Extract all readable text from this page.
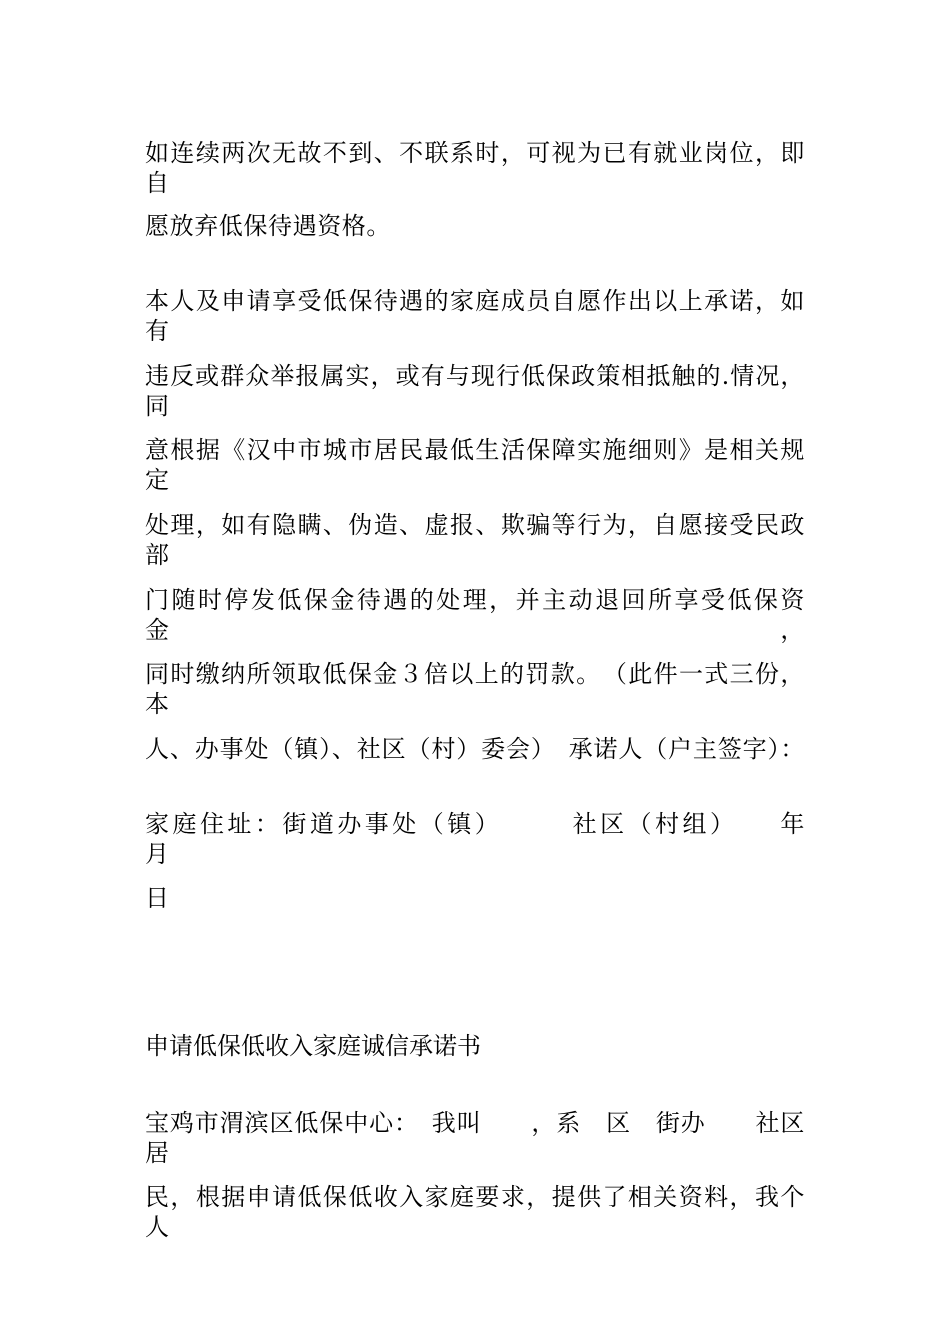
如连续两次无故不到、不联系时，可视为已有就业岗位，即自
愿放弃低保待遇资格。
本人及申请享受低保待遇的家庭成员自愿作出以上承诺，如有
违反或群众举报属实，或有与现行低保政策相抵触的.情况，同
意根据《汉中市城市居民最低生活保障实施细则》是相关规定
处理，如有隐瞒、伪造、虚报、欺骗等行为，自愿接受民政部
门随时停发低保金待遇的处理，并主动退回所享受低保资金，
同时缴纳所领取低保金３倍以上的罚款。　（此件一式三份，本
人、办事处（镇）、社区（村）委会）　承诺人（户主签字）：
家庭住址：街道办事处（镇）　　　社区（村组）　　年　　月
日
申请低保低收入家庭诚信承诺书
宝鸡市渭滨区低保中心：　我叫　　，系　区　街办　　社区居
民，根据申请低保低收入家庭要求，提供了相关资料，我个人
